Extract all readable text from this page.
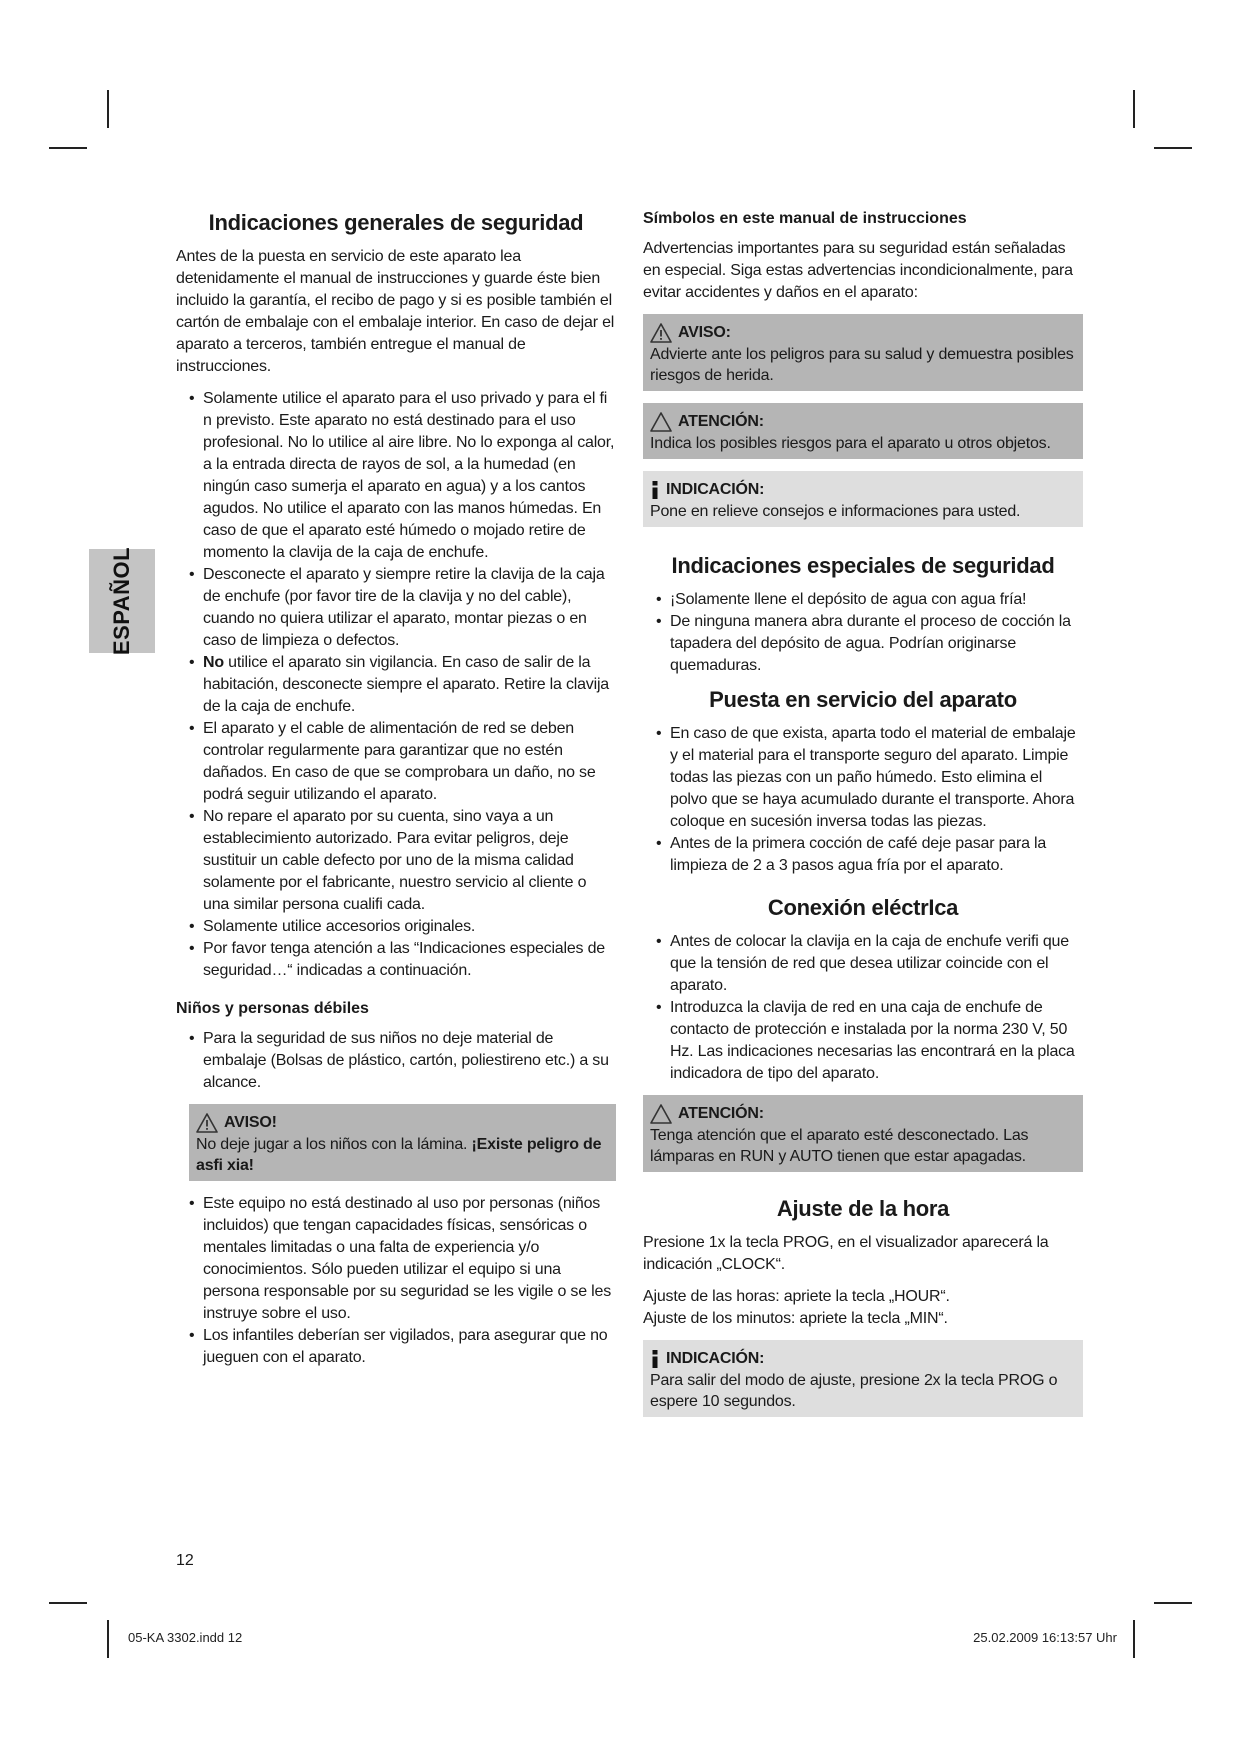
ESPAÑOL
Indicaciones generales de seguridad

Antes de la puesta en servicio de este aparato lea detenidamente el manual de instrucciones y guarde éste bien incluido la garantía, el recibo de pago y si es posible también el cartón de embalaje con el embalaje interior. En caso de dejar el aparato a terceros, también entregue el manual de instrucciones.

• Solamente utilice el aparato para el uso privado y para el fi n previsto. Este aparato no está destinado para el uso profesional. No lo utilice al aire libre. No lo exponga al calor, a la entrada directa de rayos de sol, a la humedad (en ningún caso sumerja el aparato en agua) y a los cantos agudos. No utilice el aparato con las manos húmedas. En caso de que el aparato esté húmedo o mojado retire de momento la clavija de la caja de enchufe.
• Desconecte el aparato y siempre retire la clavija de la caja de enchufe (por favor tire de la clavija y no del cable), cuando no quiera utilizar el aparato, montar piezas o en caso de limpieza o defectos.
• No utilice el aparato sin vigilancia. En caso de salir de la habitación, desconecte siempre el aparato. Retire la clavija de la caja de enchufe.
• El aparato y el cable de alimentación de red se deben controlar regularmente para garantizar que no estén dañados. En caso de que se comprobara un daño, no se podrá seguir utilizando el aparato.
• No repare el aparato por su cuenta, sino vaya a un establecimiento autorizado. Para evitar peligros, deje sustituir un cable defecto por uno de la misma calidad solamente por el fabricante, nuestro servicio al cliente o una similar persona cualifi cada.
• Solamente utilice accesorios originales.
• Por favor tenga atención a las “Indicaciones especiales de seguridad…“ indicadas a continuación.
Niños y personas débiles
• Para la seguridad de sus niños no deje material de embalaje (Bolsas de plástico, cartón, poliestireno etc.) a su alcance.
AVISO!
No deje jugar a los niños con la lámina. ¡Existe peligro de asfi xia!
• Este equipo no está destinado al uso por personas (niños incluidos) que tengan capacidades físicas, sensóricas o mentales limitadas o una falta de experiencia y/o conocimientos. Sólo pueden utilizar el equipo si una persona responsable por su seguridad se les vigile o se les instruye sobre el uso.
• Los infantiles deberían ser vigilados, para asegurar que no jueguen con el aparato.
Símbolos en este manual de instrucciones

Advertencias importantes para su seguridad están señaladas en especial. Siga estas advertencias incondicionalmente, para evitar accidentes y daños en el aparato:

AVISO:
Advierte ante los peligros para su salud y demuestra posibles riesgos de herida.
ATENCIÓN:
Indica los posibles riesgos para el aparato u otros objetos.
INDICACIÓN:
Pone en relieve consejos e informaciones para usted.
Indicaciones especiales de seguridad
• ¡Solamente llene el depósito de agua con agua fría!
• De ninguna manera abra durante el proceso de cocción la tapadera del depósito de agua. Podrían originarse quemaduras.
Puesta en servicio del aparato
• En caso de que exista, aparta todo el material de embalaje y el material para el transporte seguro del aparato. Limpie todas las piezas con un paño húmedo. Esto elimina el polvo que se haya acumulado durante el transporte. Ahora coloque en sucesión inversa todas las piezas.
• Antes de la primera cocción de café deje pasar para la limpieza de 2 a 3 pasos agua fría por el aparato.
Conexión eléctrIca
• Antes de colocar la clavija en la caja de enchufe verifi que que la tensión de red que desea utilizar coincide con el aparato.
• Introduzca la clavija de red en una caja de enchufe de contacto de protección e instalada por la norma 230 V, 50 Hz. Las indicaciones necesarias las encontrará en la placa indicadora de tipo del aparato.
ATENCIÓN:
Tenga atención que el aparato esté desconectado. Las lámparas en RUN y AUTO tienen que estar apagadas.
Ajuste de la hora

Presione 1x la tecla PROG, en el visualizador aparecerá la indicación „CLOCK“.

Ajuste de las horas: apriete la tecla „HOUR“.

Ajuste de los minutos: apriete la tecla „MIN“.

INDICACIÓN:
Para salir del modo de ajuste, presione 2x la tecla PROG o espere 10 segundos.
12
05-KA 3302.indd 12	25.02.2009 16:13:57 Uhr
